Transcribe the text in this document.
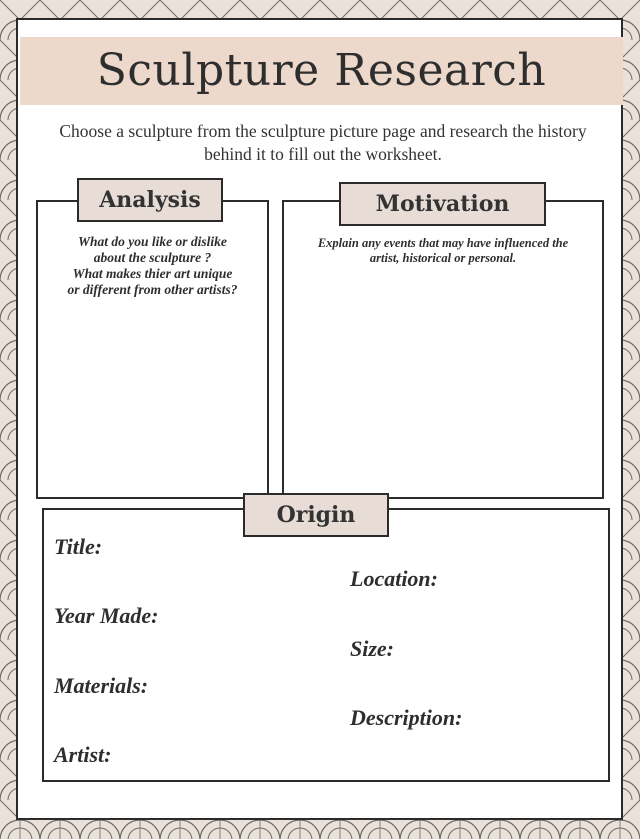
Sculpture Research
Choose a sculpture from the sculpture picture page and research the history behind it to fill out the worksheet.
Analysis
What do you like or dislike
about the sculpture ?
What makes thier art unique
or different from other artists?
Motivation
Explain any events that may have influenced the
artist, historical or personal.
Origin
Title:
Location:
Year Made:
Size:
Materials:
Description:
Artist:
